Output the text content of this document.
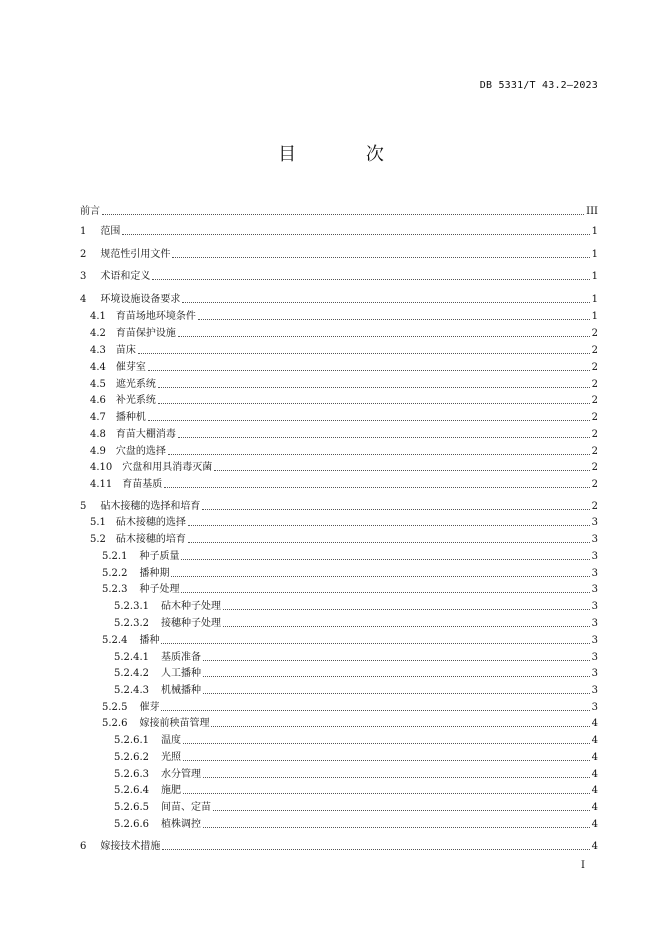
DB 5331/T 43.2—2023
目 次
前言	III
1 范围	1
2 规范性引用文件	1
3 术语和定义	1
4 环境设施设备要求	1
4.1 育苗场地环境条件	1
4.2 育苗保护设施	2
4.3 苗床	2
4.4 催芽室	2
4.5 遮光系统	2
4.6 补光系统	2
4.7 播种机	2
4.8 育苗大棚消毒	2
4.9 穴盘的选择	2
4.10 穴盘和用具消毒灭菌	2
4.11 育苗基质	2
5 砧木接穗的选择和培育	2
5.1 砧木接穗的选择	3
5.2 砧木接穗的培育	3
5.2.1 种子质量	3
5.2.2 播种期	3
5.2.3 种子处理	3
5.2.3.1 砧木种子处理	3
5.2.3.2 接穗种子处理	3
5.2.4 播种	3
5.2.4.1 基质准备	3
5.2.4.2 人工播种	3
5.2.4.3 机械播种	3
5.2.5 催芽	3
5.2.6 嫁接前秧苗管理	4
5.2.6.1 温度	4
5.2.6.2 光照	4
5.2.6.3 水分管理	4
5.2.6.4 施肥	4
5.2.6.5 间苗、定苗	4
5.2.6.6 植株调控	4
6 嫁接技术措施	4
I
